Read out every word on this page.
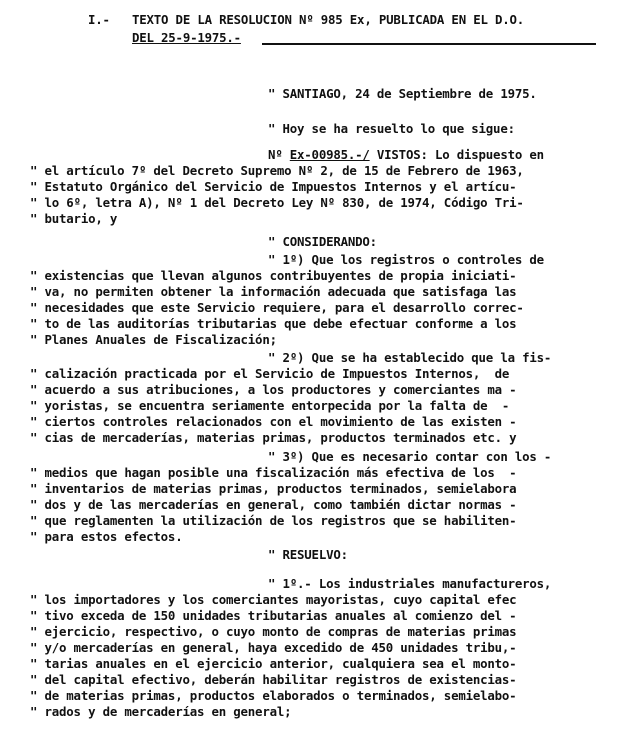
I.- TEXTO DE LA RESOLUCION Nº 985 Ex, PUBLICADA EN EL D.O.
DEL 25-9-1975.-
" SANTIAGO, 24 de Septiembre de 1975.
" Hoy se ha resuelto lo que sigue:
Nº Ex-00985.-/ VISTOS: Lo dispuesto en
" el artículo 7º del Decreto Supremo Nº 2, de 15 de Febrero de 1963,
" Estatuto Orgánico del Servicio de Impuestos Internos y el artícu-
" lo 6º, letra A), Nº 1 del Decreto Ley Nº 830, de 1974, Código Tri-
" butario, y
" CONSIDERANDO:
" 1º) Que los registros o controles de
" existencias que llevan algunos contribuyentes de propia iniciati-
" va, no permiten obtener la información adecuada que satisfaga las
" necesidades que este Servicio requiere, para el desarrollo correc-
" to de las auditorías tributarias que debe efectuar conforme a los
" Planes Anuales de Fiscalización;
" 2º) Que se ha establecido que la fis-
" calización practicada por el Servicio de Impuestos Internos,  de
" acuerdo a sus atribuciones, a los productores y comerciantes ma -
" yoristas, se encuentra seriamente entorpecida por la falta de  -
" ciertos controles relacionados con el movimiento de las existen -
" cias de mercaderías, materias primas, productos terminados etc. y
" 3º) Que es necesario contar con los -
" medios que hagan posible una fiscalización más efectiva de los  -
" inventarios de materias primas, productos terminados, semielabora
" dos y de las mercaderías en general, como también dictar normas -
" que reglamenten la utilización de los registros que se habiliten-
" para estos efectos.
" RESUELVO:
" 1º.- Los industriales manufactureros,
" los importadores y los comerciantes mayoristas, cuyo capital efec
" tivo exceda de 150 unidades tributarias anuales al comienzo del -
" ejercicio, respectivo, o cuyo monto de compras de materias primas
" y/o mercaderías en general, haya excedido de 450 unidades tribu,-
" tarias anuales en el ejercicio anterior, cualquiera sea el monto-
" del capital efectivo, deberán habilitar registros de existencias-
" de materias primas, productos elaborados o terminados, semielabo-
" rados y de mercaderías en general;
